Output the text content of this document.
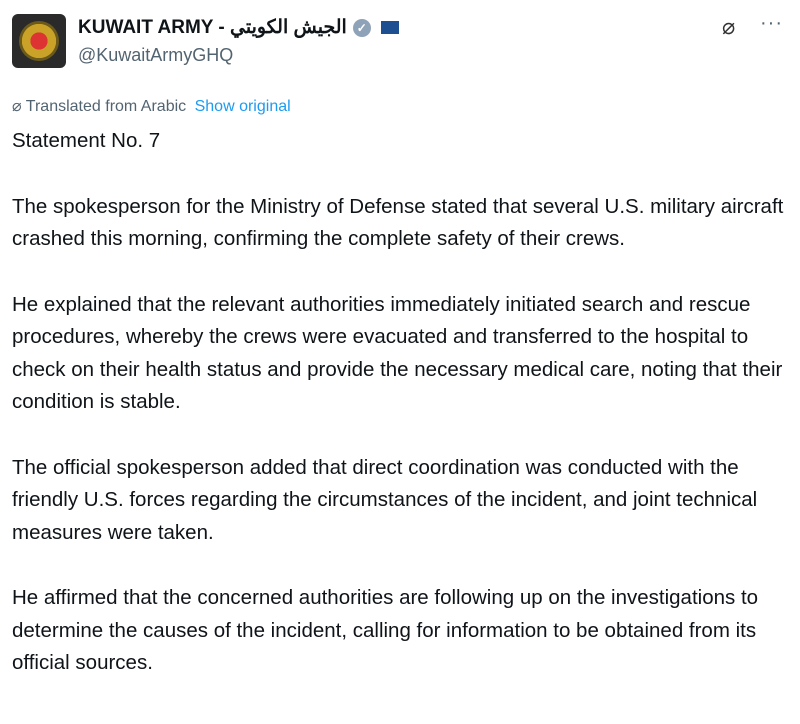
KUWAIT ARMY - الجيش الكويتي ✓
@KuwaitArmyGHQ
⌀ ···
⌀ Translated from Arabic Show original

Statement No. 7

The spokesperson for the Ministry of Defense stated that several U.S. military aircraft crashed this morning, confirming the complete safety of their crews.

He explained that the relevant authorities immediately initiated search and rescue procedures, whereby the crews were evacuated and transferred to the hospital to check on their health status and provide the necessary medical care, noting that their condition is stable.

The official spokesperson added that direct coordination was conducted with the friendly U.S. forces regarding the circumstances of the incident, and joint technical measures were taken.

He affirmed that the concerned authorities are following up on the investigations to determine the causes of the incident, calling for information to be obtained from its official sources.
